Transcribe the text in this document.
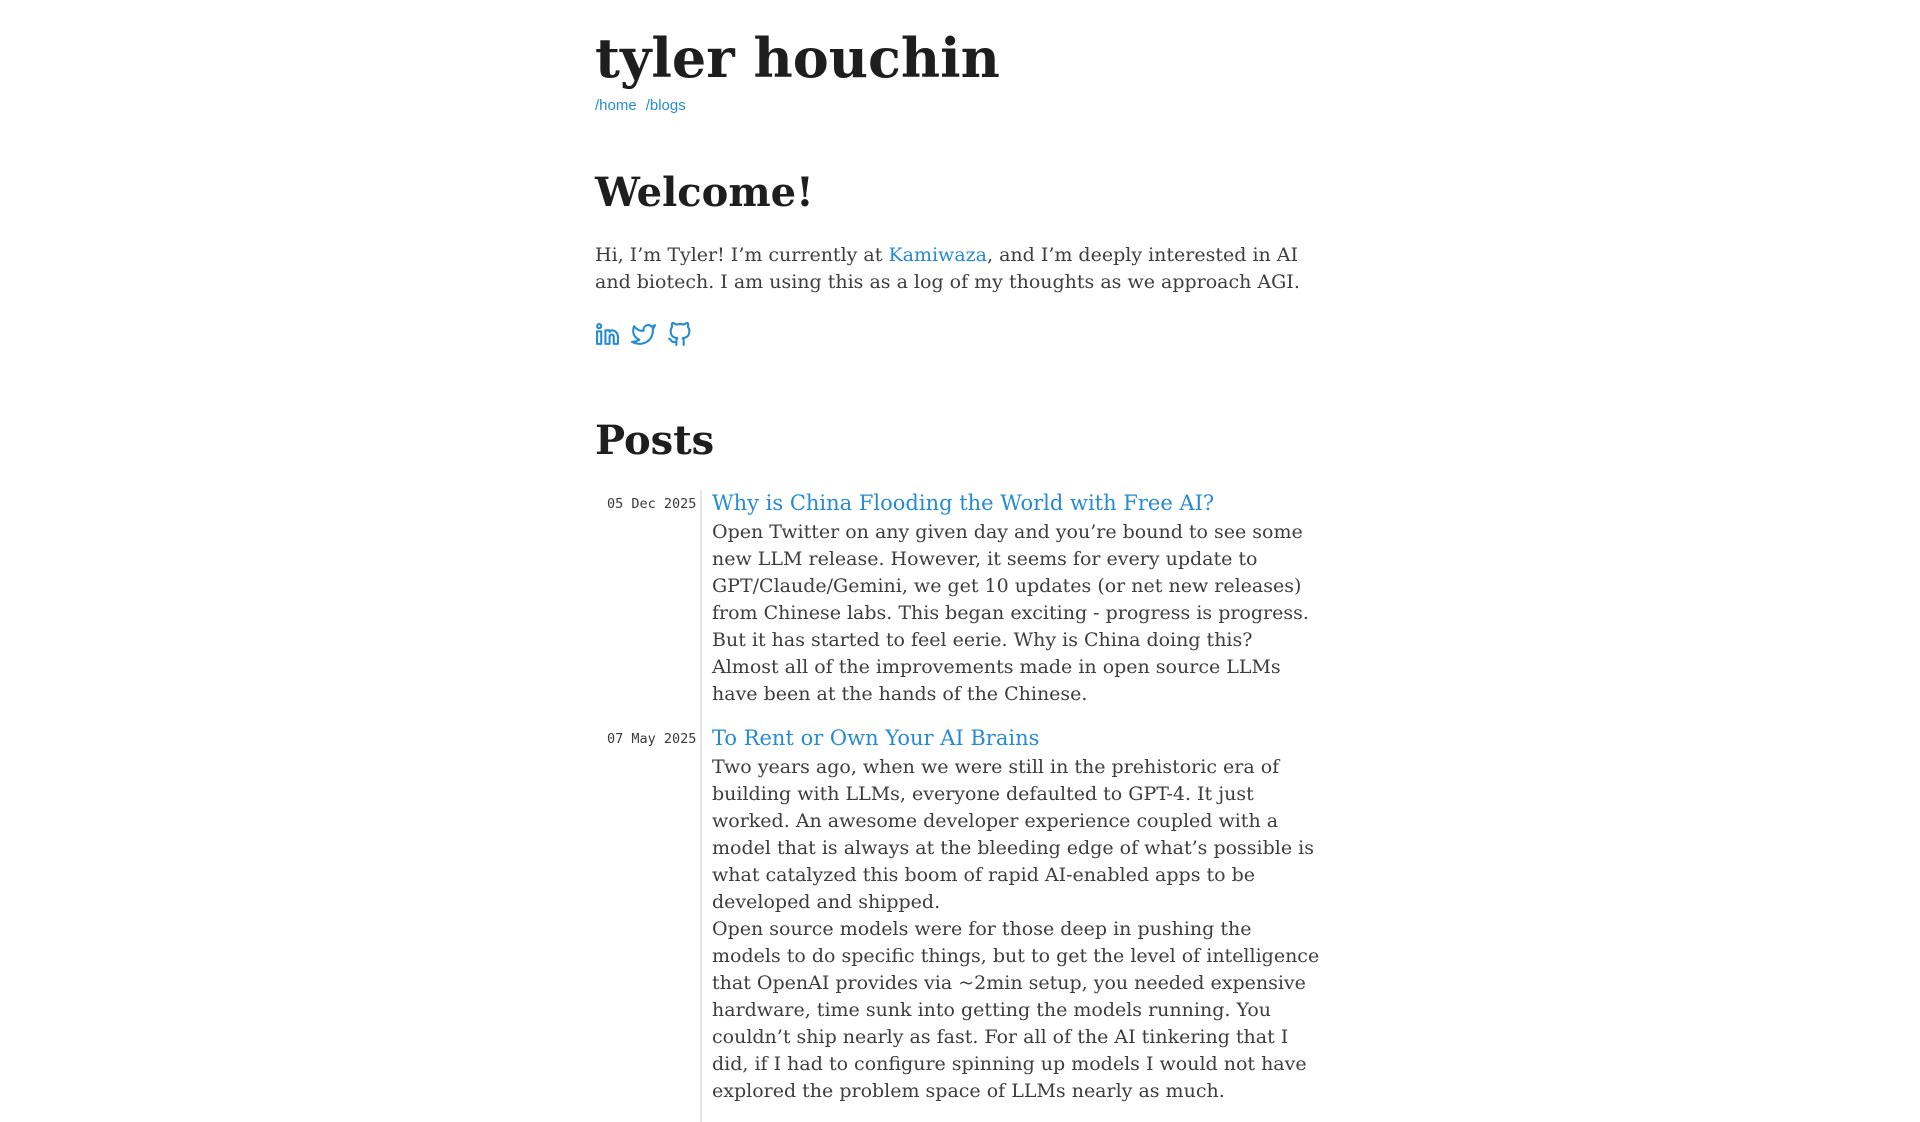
tyler houchin
/home /blogs
Welcome!

Hi, I’m Tyler! I’m currently at Kamiwaza, and I’m deeply interested in AI and biotech. I am using this as a log of my thoughts as we approach AGI.

Posts
05 Dec 2025 Why is China Flooding the World with Free AI?

Open Twitter on any given day and you’re bound to see some new LLM release. However, it seems for every update to GPT/Claude/Gemini, we get 10 updates (or net new releases) from Chinese labs. This began exciting - progress is progress. But it has started to feel eerie. Why is China doing this? Almost all of the improvements made in open source LLMs have been at the hands of the Chinese.

07 May 2025 To Rent or Own Your AI Brains

Two years ago, when we were still in the prehistoric era of building with LLMs, everyone defaulted to GPT-4. It just worked. An awesome developer experience coupled with a model that is always at the bleeding edge of what’s possible is what catalyzed this boom of rapid AI-enabled apps to be developed and shipped.

Open source models were for those deep in pushing the models to do specific things, but to get the level of intelligence that OpenAI provides via ~2min setup, you needed expensive hardware, time sunk into getting the models running. You couldn’t ship nearly as fast. For all of the AI tinkering that I did, if I had to configure spinning up models I would not have explored the problem space of LLMs nearly as much.
